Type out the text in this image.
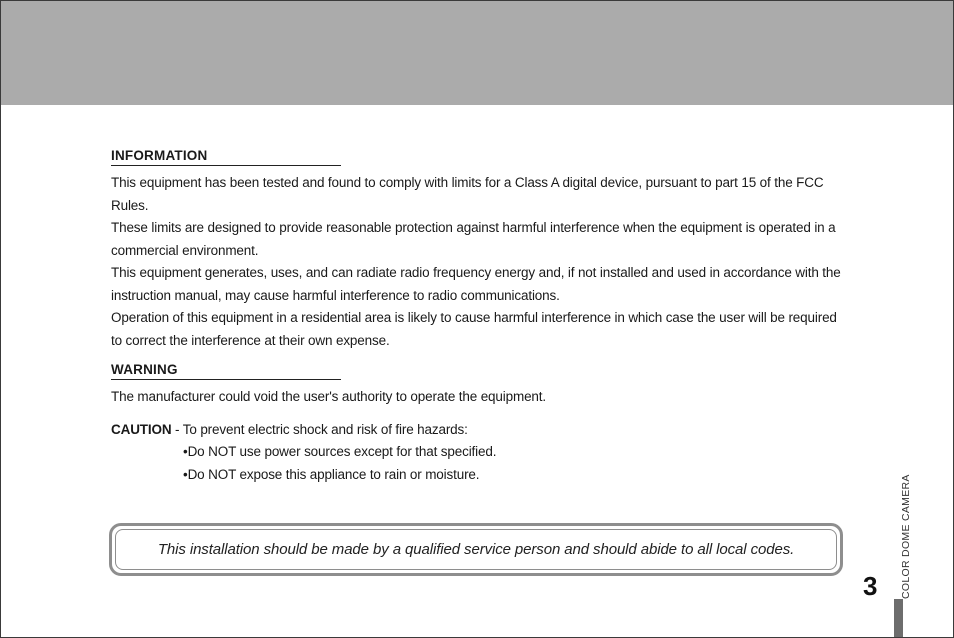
INFORMATION

This equipment has been tested and found to comply with limits for a Class A digital device, pursuant to part 15 of the FCC Rules.

These limits are designed to provide reasonable protection against harmful interference when the equipment is operated in a commercial environment.

This equipment generates, uses, and can radiate radio frequency energy and, if not installed and used in accordance with the instruction manual, may cause harmful interference to radio communications.

Operation of this equipment in a residential area is likely to cause harmful interference in which case the user will be required to correct the interference at their own expense.

WARNING

The manufacturer could void the user's authority to operate the equipment.

CAUTION - To prevent electric shock and risk of fire hazards:
•Do NOT use power sources except for that specified.
•Do NOT expose this appliance to rain or moisture.
This installation should be made by a qualified service person and should abide to all local codes.
3 COLOR DOME CAMERA
